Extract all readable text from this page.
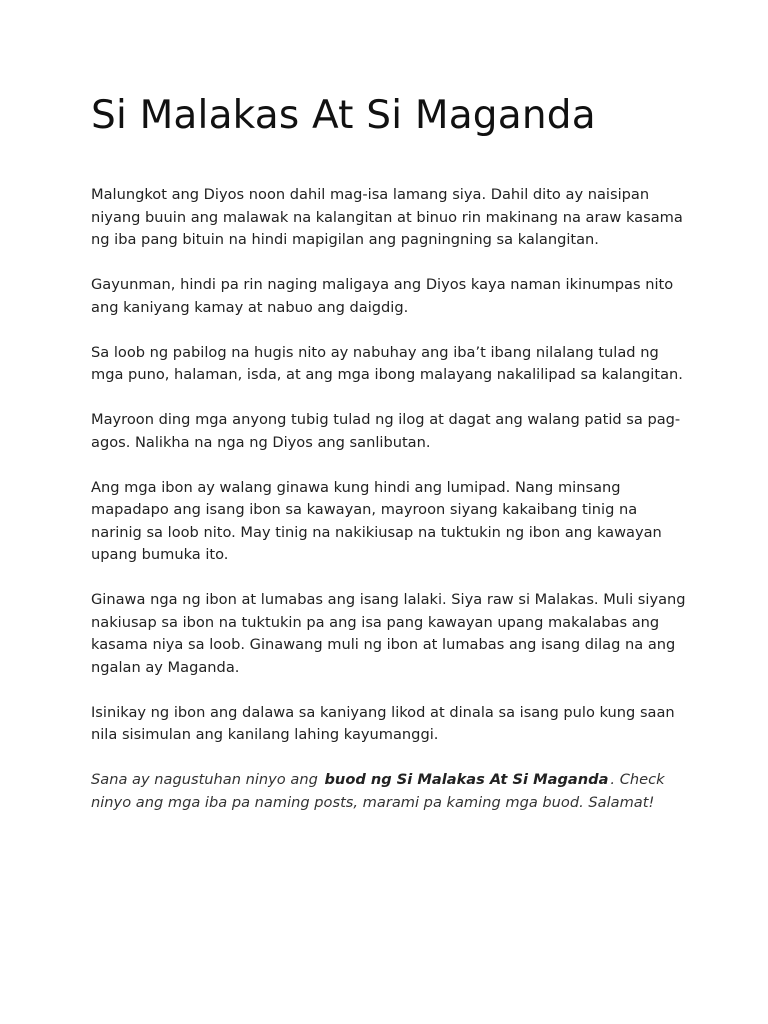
Si Malakas At Si Maganda

Malungkot ang Diyos noon dahil mag-isa lamang siya. Dahil dito ay naisipan niyang buuin ang malawak na kalangitan at binuo rin makinang na araw kasama ng iba pang bituin na hindi mapigilan ang pagningning sa kalangitan.

Gayunman, hindi pa rin naging maligaya ang Diyos kaya naman ikinumpas nito ang kaniyang kamay at nabuo ang daigdig.

Sa loob ng pabilog na hugis nito ay nabuhay ang iba’t ibang nilalang tulad ng mga puno, halaman, isda, at ang mga ibong malayang nakalilipad sa kalangitan.

Mayroon ding mga anyong tubig tulad ng ilog at dagat ang walang patid sa pag-agos. Nalikha na nga ng Diyos ang sanlibutan.

Ang mga ibon ay walang ginawa kung hindi ang lumipad. Nang minsang mapadapo ang isang ibon sa kawayan, mayroon siyang kakaibang tinig na narinig sa loob nito. May tinig na nakikiusap na tuktukin ng ibon ang kawayan upang bumuka ito.

Ginawa nga ng ibon at lumabas ang isang lalaki. Siya raw si Malakas. Muli siyang nakiusap sa ibon na tuktukin pa ang isa pang kawayan upang makalabas ang kasama niya sa loob. Ginawang muli ng ibon at lumabas ang isang dilag na ang ngalan ay Maganda.

Isinikay ng ibon ang dalawa sa kaniyang likod at dinala sa isang pulo kung saan nila sisimulan ang kanilang lahing kayumanggi.

Sana ay nagustuhan ninyo ang buod ng Si Malakas At Si Maganda . Check ninyo ang mga iba pa naming posts, marami pa kaming mga buod. Salamat!
